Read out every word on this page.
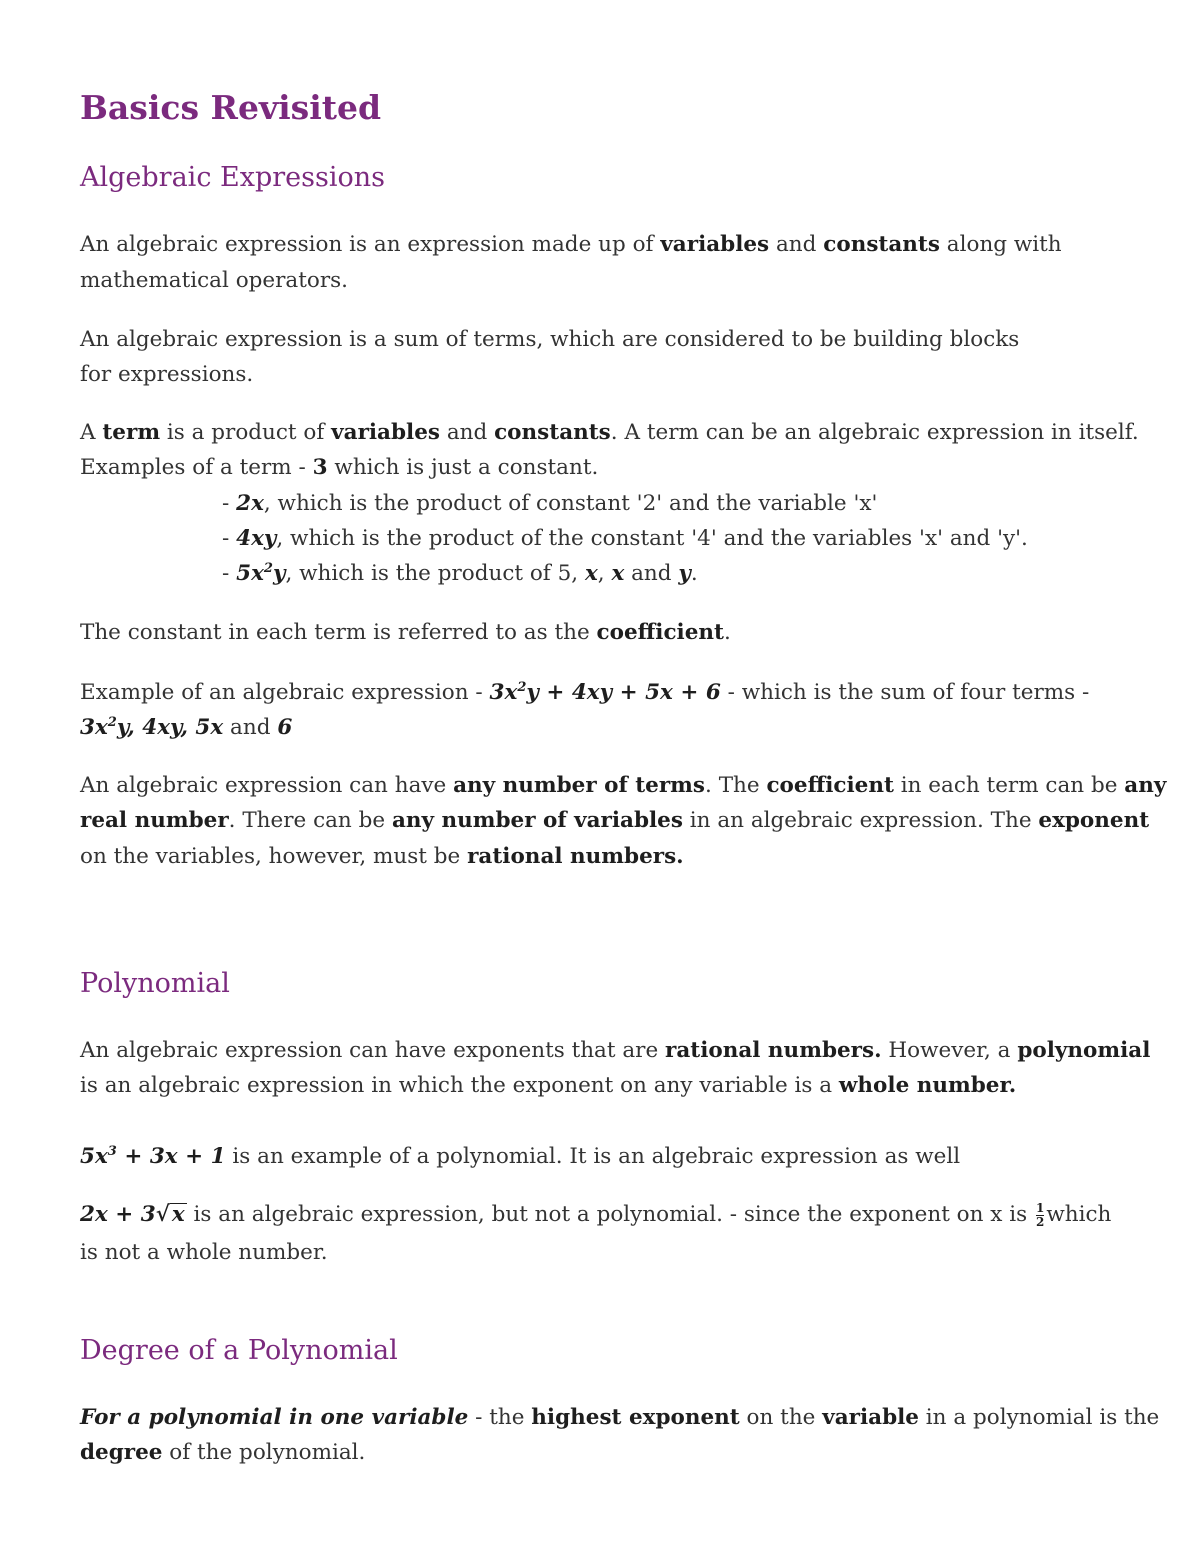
Basics Revisited
Algebraic Expressions
An algebraic expression is an expression made up of variables and constants along with
mathematical operators.
An algebraic expression is a sum of terms, which are considered to be building blocks
for expressions.
A term is a product of variables and constants. A term can be an algebraic expression in itself.
Examples of a term - 3 which is just a constant.
- 2x, which is the product of constant '2' and the variable 'x'
- 4xy, which is the product of the constant '4' and the variables 'x' and 'y'.
- $5x^2y$, which is the product of 5, x, x and y.
The constant in each term is referred to as the coefficient.
Example of an algebraic expression - $3x^2y + 4xy + 5x + 6$ - which is the sum of four terms -
$3x^2y$, 4xy, 5x and 6
An algebraic expression can have any number of terms. The coefficient in each term can be any
real number. There can be any number of variables in an algebraic expression. The exponent
on the variables, however, must be rational numbers.
Polynomial
An algebraic expression can have exponents that are rational numbers. However, a polynomial
is an algebraic expression in which the exponent on any variable is a whole number.
$5x^3 + 3x + 1$ is an example of a polynomial. It is an algebraic expression as well
2x + 3√x is an algebraic expression, but not a polynomial. - since the exponent on x is $\frac{1}{2}$ which
is not a whole number.
Degree of a Polynomial
For a polynomial in one variable - the highest exponent on the variable in a polynomial is the
degree of the polynomial.
